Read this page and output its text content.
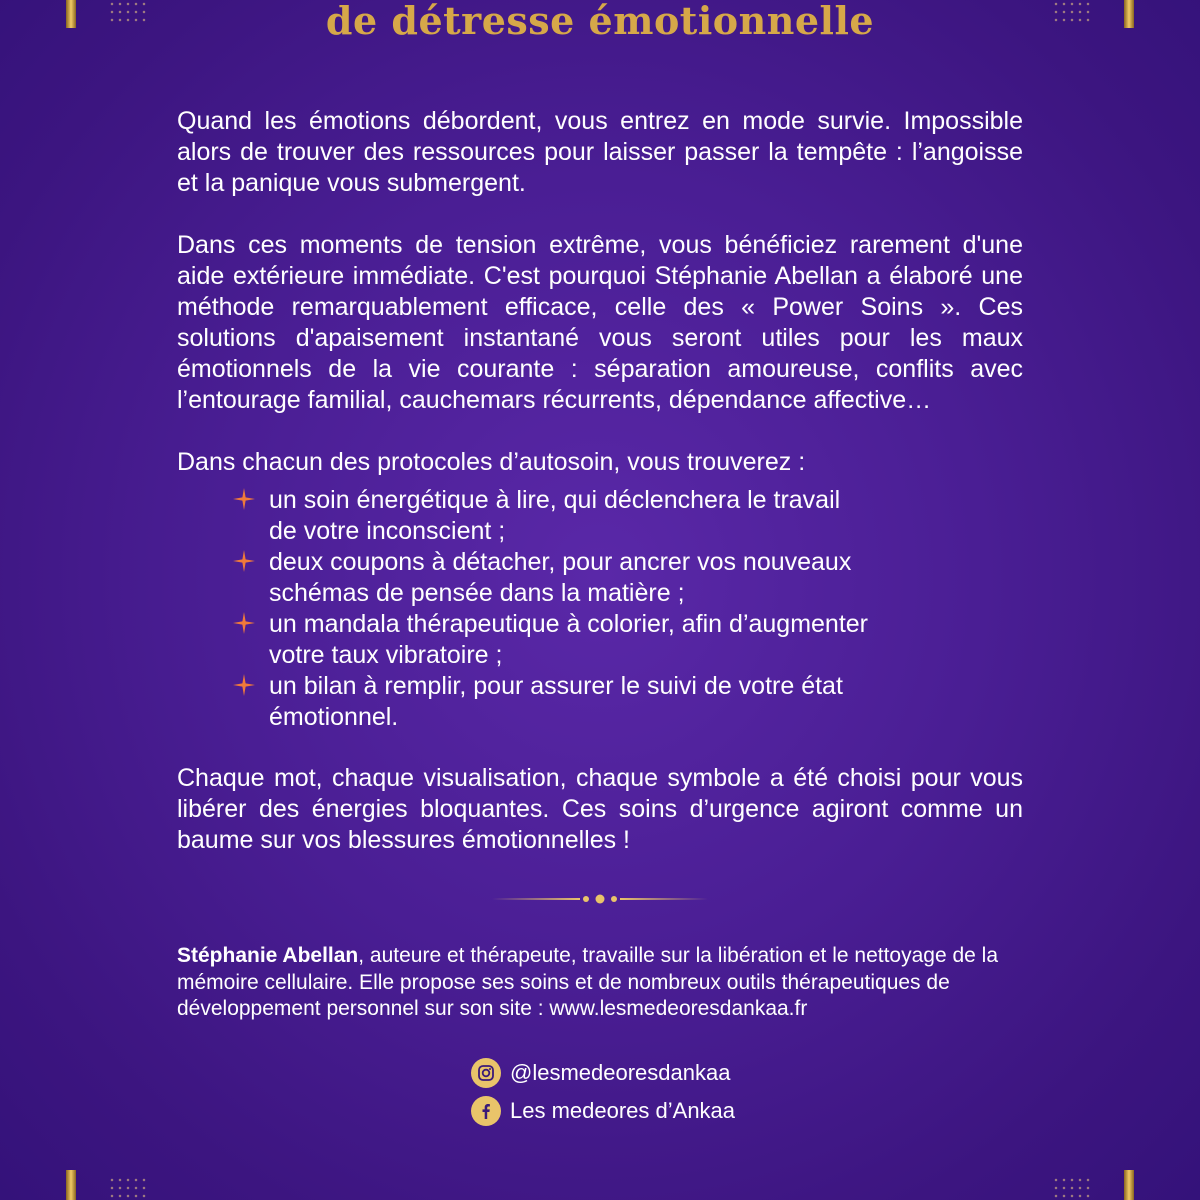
de détresse émotionnelle

Quand les émotions débordent, vous entrez en mode survie. Impossible alors de trouver des ressources pour laisser passer la tempête : l’angoisse et la panique vous submergent.

Dans ces moments de tension extrême, vous bénéficiez rarement d'une aide extérieure immédiate. C'est pourquoi Stéphanie Abellan a élaboré une méthode remarquablement efficace, celle des « Power Soins ». Ces solutions d'apaisement instantané vous seront utiles pour les maux émotionnels de la vie courante : séparation amoureuse, conflits avec l’entourage familial, cauchemars récurrents, dépendance affective…

Dans chacun des protocoles d’autosoin, vous trouverez :

un soin énergétique à lire, qui déclenchera le travail
de votre inconscient ;
deux coupons à détacher, pour ancrer vos nouveaux
schémas de pensée dans la matière ;
un mandala thérapeutique à colorier, afin d’augmenter
votre taux vibratoire ;
un bilan à remplir, pour assurer le suivi de votre état
émotionnel.

Chaque mot, chaque visualisation, chaque symbole a été choisi pour vous libérer des énergies bloquantes. Ces soins d’urgence agiront comme un baume sur vos blessures émotionnelles !

Stéphanie Abellan, auteure et thérapeute, travaille sur la libération et le nettoyage de la mémoire cellulaire. Elle propose ses soins et de nombreux outils thérapeutiques de développement personnel sur son site : www.lesmedeoresdankaa.fr

@lesmedeoresdankaa
Les medeores d’Ankaa
